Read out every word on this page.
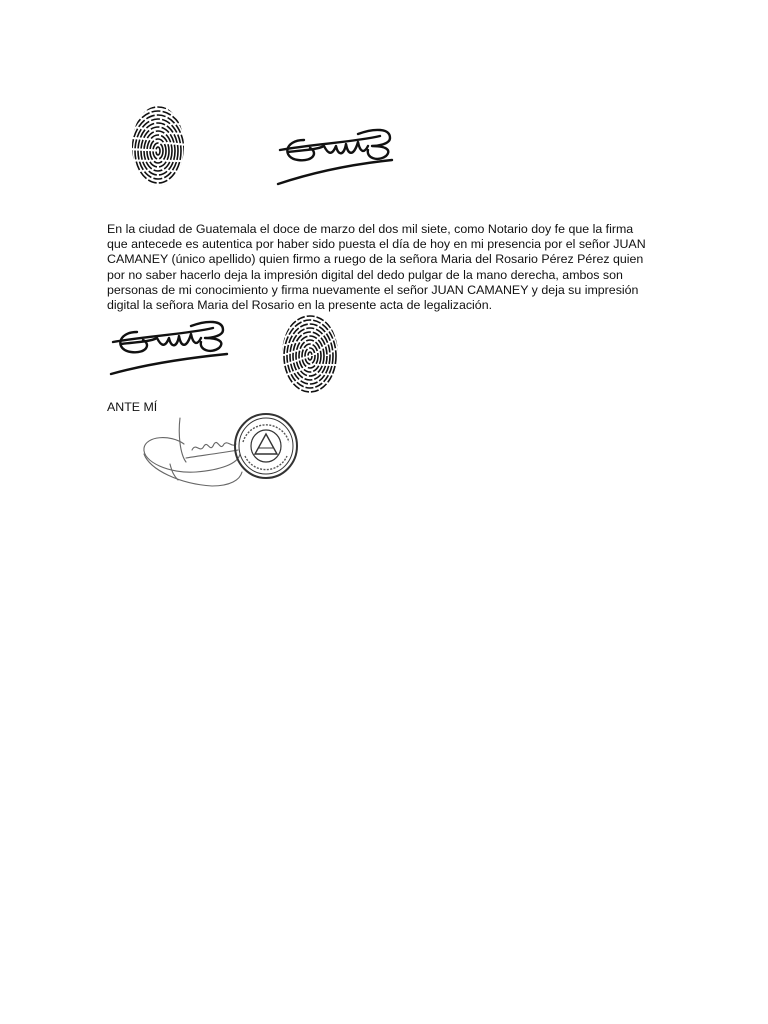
En la ciudad de Guatemala el doce de marzo del dos mil siete, como Notario doy fe que la firma
que antecede es autentica por haber sido puesta el día de hoy en mi presencia por el señor JUAN
CAMANEY (único apellido) quien firmo a ruego de la señora Maria del Rosario Pérez Pérez quien
por no saber hacerlo deja la impresión digital del dedo pulgar de la mano derecha, ambos son
personas de mi conocimiento y firma nuevamente el señor JUAN CAMANEY y deja su impresión
digital la señora Maria del Rosario en la presente acta de legalización.
ANTE MÍ
